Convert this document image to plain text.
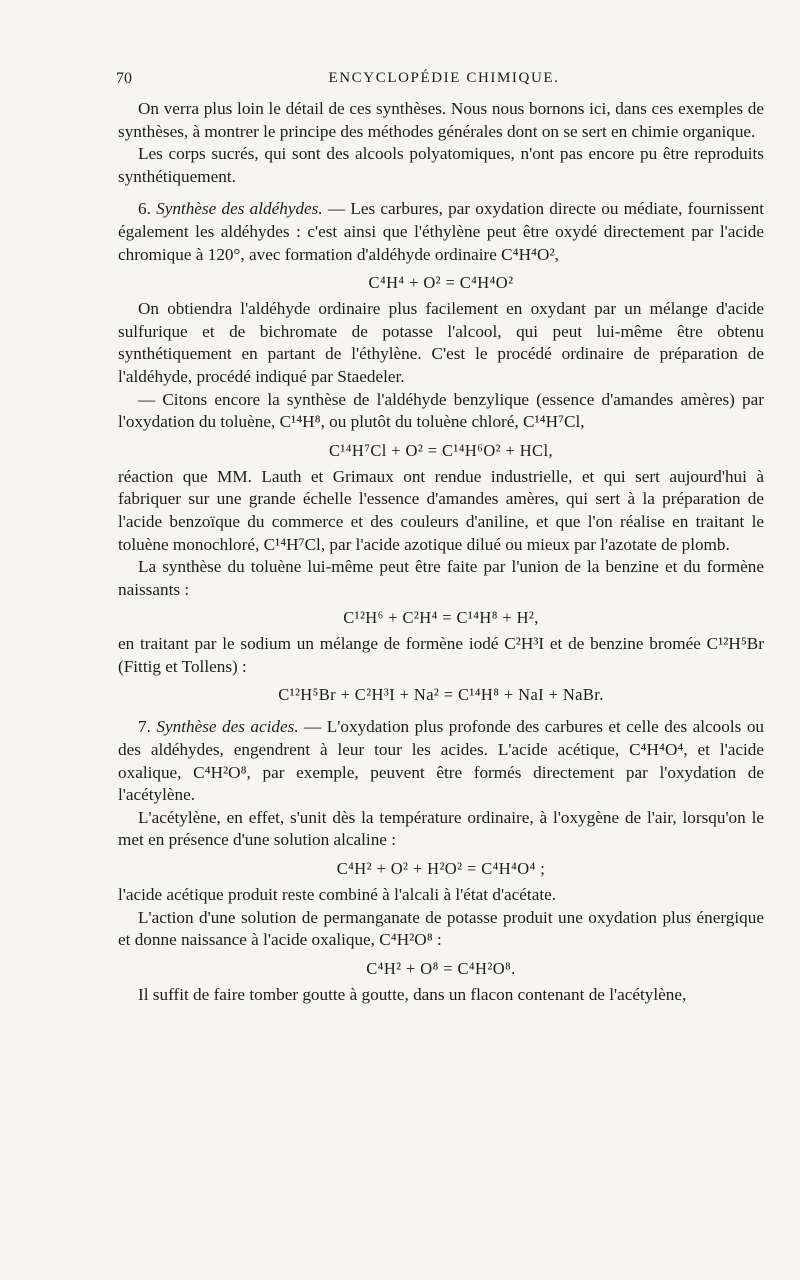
70	ENCYCLOPÉDIE CHIMIQUE.

On verra plus loin le détail de ces synthèses. Nous nous bornons ici, dans ces exemples de synthèses, à montrer le principe des méthodes générales dont on se sert en chimie organique.

Les corps sucrés, qui sont des alcools polyatomiques, n'ont pas encore pu être reproduits synthétiquement.

6. Synthèse des aldéhydes. — Les carbures, par oxydation directe ou médiate, fournissent également les aldéhydes : c'est ainsi que l'éthylène peut être oxydé directement par l'acide chromique à 120°, avec formation d'aldéhyde ordinaire C⁴H⁴O²,

C⁴H⁴ + O² = C⁴H⁴O²

On obtiendra l'aldéhyde ordinaire plus facilement en oxydant par un mélange d'acide sulfurique et de bichromate de potasse l'alcool, qui peut lui-même être obtenu synthétiquement en partant de l'éthylène. C'est le procédé ordinaire de préparation de l'aldéhyde, procédé indiqué par Staedeler.

— Citons encore la synthèse de l'aldéhyde benzylique (essence d'amandes amères) par l'oxydation du toluène, C¹⁴H⁸, ou plutôt du toluène chloré, C¹⁴H⁷Cl,

C¹⁴H⁷Cl + O² = C¹⁴H⁶O² + HCl,

réaction que MM. Lauth et Grimaux ont rendue industrielle, et qui sert aujourd'hui à fabriquer sur une grande échelle l'essence d'amandes amères, qui sert à la préparation de l'acide benzoïque du commerce et des couleurs d'aniline, et que l'on réalise en traitant le toluène monochloré, C¹⁴H⁷Cl, par l'acide azotique dilué ou mieux par l'azotate de plomb.

La synthèse du toluène lui-même peut être faite par l'union de la benzine et du formène naissants :

C¹²H⁶ + C²H⁴ = C¹⁴H⁸ + H²,

en traitant par le sodium un mélange de formène iodé C²H³I et de benzine bromée C¹²H⁵Br (Fittig et Tollens) :

C¹²H⁵Br + C²H³I + Na² = C¹⁴H⁸ + NaI + NaBr.

7. Synthèse des acides. — L'oxydation plus profonde des carbures et celle des alcools ou des aldéhydes, engendrent à leur tour les acides. L'acide acétique, C⁴H⁴O⁴, et l'acide oxalique, C⁴H²O⁸, par exemple, peuvent être formés directement par l'oxydation de l'acétylène.

L'acétylène, en effet, s'unit dès la température ordinaire, à l'oxygène de l'air, lorsqu'on le met en présence d'une solution alcaline :

C⁴H² + O² + H²O² = C⁴H⁴O⁴ ;

l'acide acétique produit reste combiné à l'alcali à l'état d'acétate.

L'action d'une solution de permanganate de potasse produit une oxydation plus énergique et donne naissance à l'acide oxalique, C⁴H²O⁸ :

C⁴H² + O⁸ = C⁴H²O⁸.

Il suffit de faire tomber goutte à goutte, dans un flacon contenant de l'acétylène,
